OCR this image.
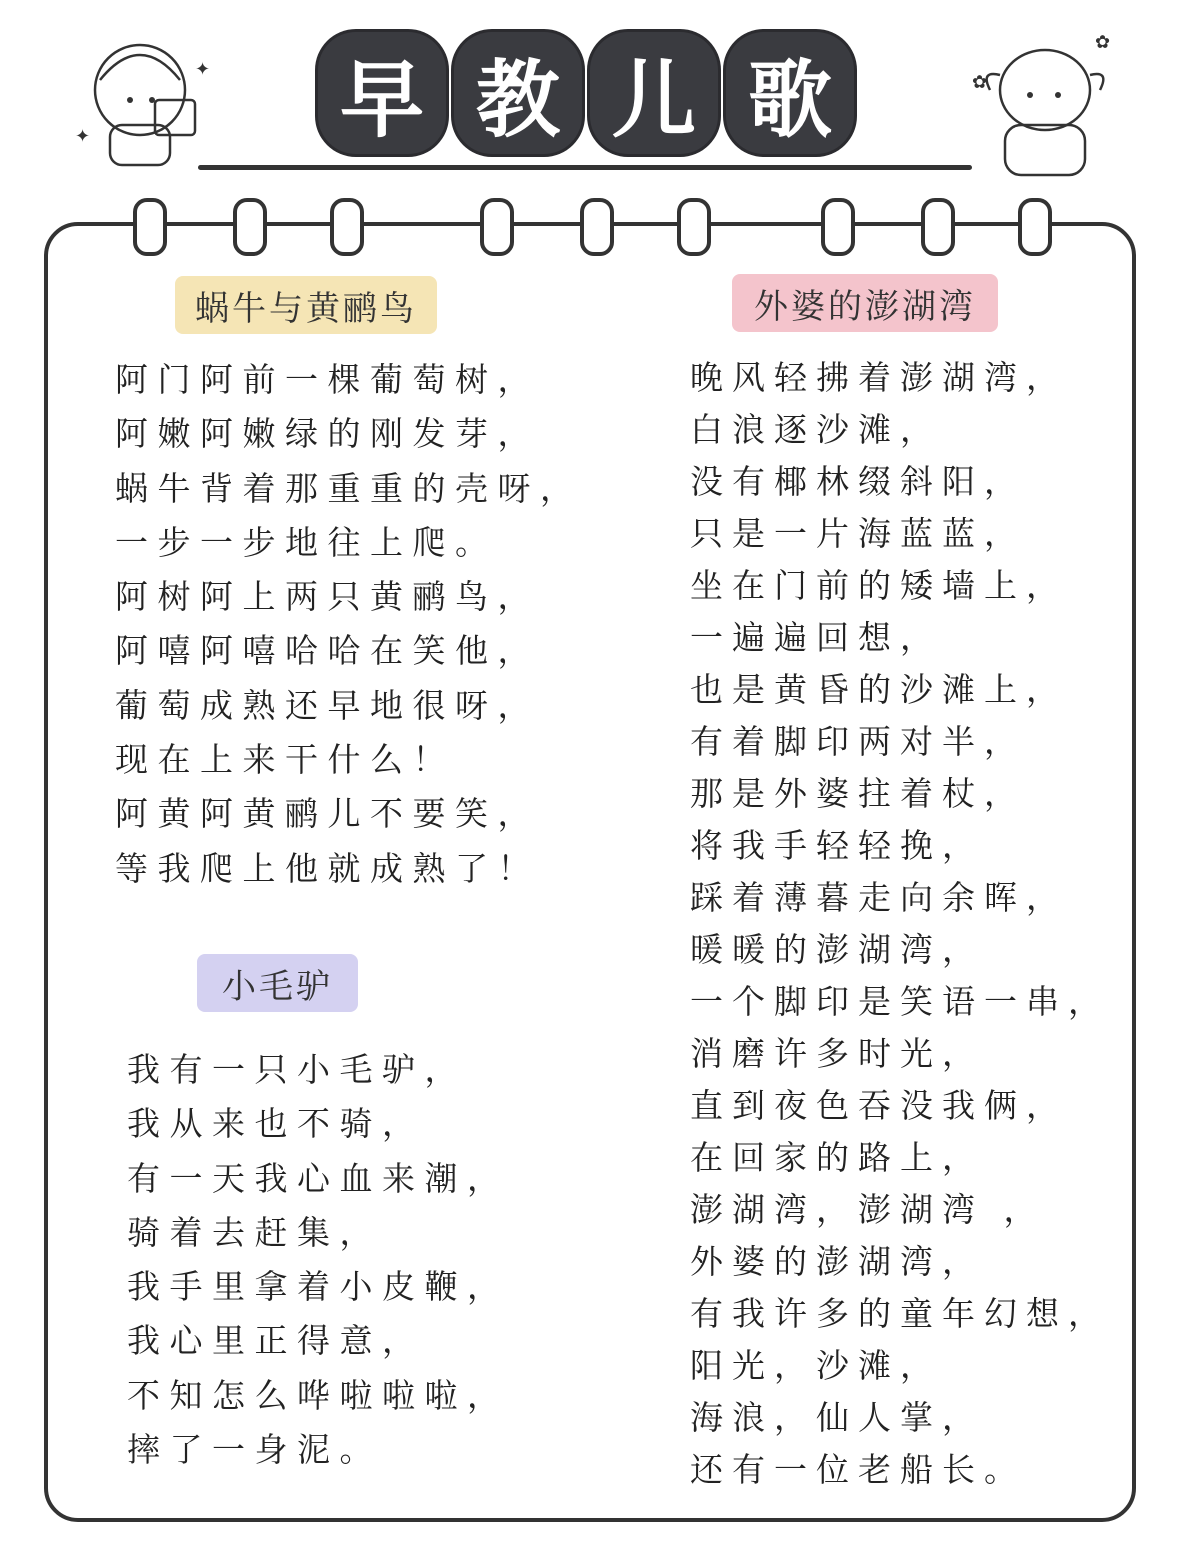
✦
✦
✿
✿
早 教 儿 歌
蜗牛与黄鹂鸟
小毛驴
外婆的澎湖湾
阿门阿前一棵葡萄树，
阿嫩阿嫩绿的刚发芽，
蜗牛背着那重重的壳呀，
一步一步地往上爬。
阿树阿上两只黄鹂鸟，
阿嘻阿嘻哈哈在笑他，
葡萄成熟还早地很呀，
现在上来干什么！
阿黄阿黄鹂儿不要笑，
等我爬上他就成熟了！
我有一只小毛驴，
我从来也不骑，
有一天我心血来潮，
骑着去赶集，
我手里拿着小皮鞭，
我心里正得意，
不知怎么哗啦啦啦，
摔了一身泥。
晚风轻拂着澎湖湾，
白浪逐沙滩，
没有椰林缀斜阳，
只是一片海蓝蓝，
坐在门前的矮墙上，
一遍遍回想，
也是黄昏的沙滩上，
有着脚印两对半，
那是外婆拄着杖，
将我手轻轻挽，
踩着薄暮走向余晖，
暖暖的澎湖湾，
一个脚印是笑语一串，
消磨许多时光，
直到夜色吞没我俩，
在回家的路上，
澎湖湾，澎湖湾 ，
外婆的澎湖湾，
有我许多的童年幻想，
阳光，沙滩，
海浪，仙人掌，
还有一位老船长。
